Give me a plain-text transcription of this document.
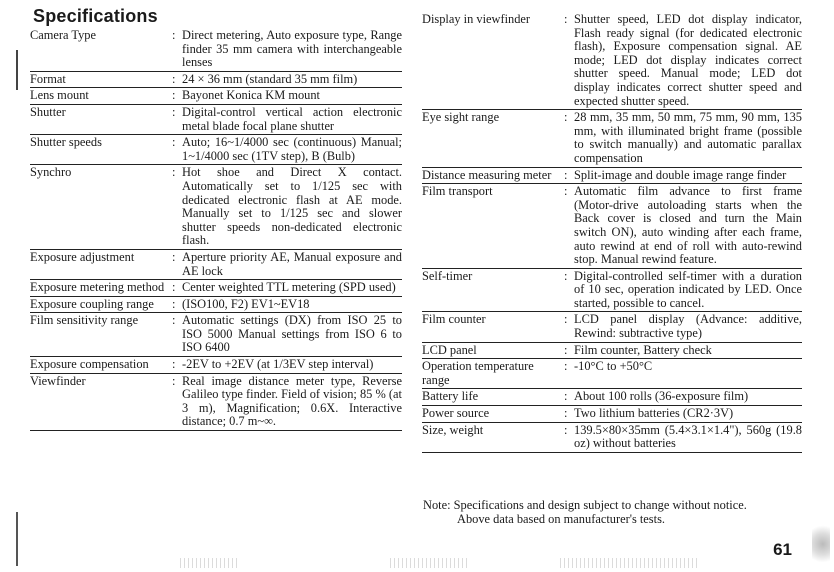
Specifications
Camera Type	: Direct metering, Auto exposure type, Range finder 35 mm camera with interchangeable lenses
Format	: 24 × 36 mm (standard 35 mm film)
Lens mount	: Bayonet Konica KM mount
Shutter	: Digital-control vertical action electronic metal blade focal plane shutter
Shutter speeds	: Auto; 16~1/4000 sec (continuous) Manual; 1~1/4000 sec (1TV step), B (Bulb)
Synchro	: Hot shoe and Direct X contact. Automatically set to 1/125 sec with dedicated electronic flash at AE mode. Manually set to 1/125 sec and slower shutter speeds non-dedicated electronic flash.
Exposure adjustment	: Aperture priority AE, Manual exposure and AE lock
Exposure metering method : Center weighted TTL metering (SPD used)
Exposure coupling range	: (ISO100, F2) EV1~EV18
Film sensitivity range	: Automatic settings (DX) from ISO 25 to ISO 5000 Manual settings from ISO 6 to ISO 6400
Exposure compensation	: -2EV to +2EV (at 1/3EV step interval)
Viewfinder	: Real image distance meter type, Reverse Galileo type finder. Field of vision; 85 % (at 3 m), Magnification; 0.6X. Interactive distance; 0.7 m~∞.
Display in viewfinder	: Shutter speed, LED dot display indicator, Flash ready signal (for dedicated electronic flash), Exposure compensation signal. AE mode; LED dot display indicates correct shutter speed. Manual mode; LED dot display indicates correct shutter speed and expected shutter speed.
Eye sight range	: 28 mm, 35 mm, 50 mm, 75 mm, 90 mm, 135 mm, with illuminated bright frame (possible to switch manually) and automatic parallax compensation
Distance measuring meter	: Split-image and double image range finder
Film transport	: Automatic film advance to first frame (Motor-drive autoloading starts when the Back cover is closed and turn the Main switch ON), auto winding after each frame, auto rewind at end of roll with auto-rewind stop. Manual rewind feature.
Self-timer	: Digital-controlled self-timer with a duration of 10 sec, operation indicated by LED. Once started, possible to cancel.
Film counter	: LCD panel display (Advance: additive, Rewind: subtractive type)
LCD panel	: Film counter, Battery check
Operation temperature range
: -10°C to +50°C
Battery life	: About 100 rolls (36-exposure film)
Power source	: Two lithium batteries (CR2·3V)
Size, weight	: 139.5×80×35mm (5.4×3.1×1.4"), 560g (19.8 oz) without batteries
Note: Specifications and design subject to change without notice.
Above data based on manufacturer's tests.
61
